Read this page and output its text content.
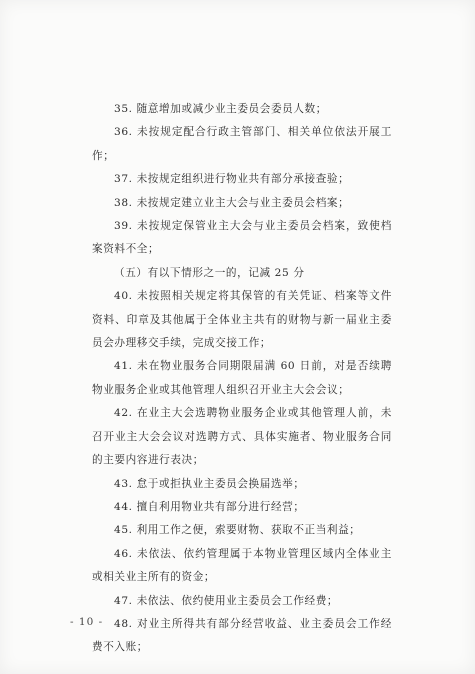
35. 随意增加或减少业主委员会委员人数；

36. 未按规定配合行政主管部门、相关单位依法开展工作；

37. 未按规定组织进行物业共有部分承接查验；

38. 未按规定建立业主大会与业主委员会档案；

39. 未按规定保管业主大会与业主委员会档案，致使档案资料不全；

（五）有以下情形之一的，记减 25 分

40. 未按照相关规定将其保管的有关凭证、档案等文件资料、印章及其他属于全体业主共有的财物与新一届业主委员会办理移交手续，完成交接工作；

41. 未在物业服务合同期限届满 60 日前，对是否续聘物业服务企业或其他管理人组织召开业主大会会议；

42. 在业主大会选聘物业服务企业或其他管理人前，未召开业主大会会议对选聘方式、具体实施者、物业服务合同的主要内容进行表决；

43. 怠于或拒执业主委员会换届选举；

44. 擅自利用物业共有部分进行经营；

45. 利用工作之便，索要财物、获取不正当利益；

46. 未依法、依约管理属于本物业管理区域内全体业主或相关业主所有的资金；

47. 未依法、依约使用业主委员会工作经费；

48. 对业主所得共有部分经营收益、业主委员会工作经费不入账；

- 10 -
